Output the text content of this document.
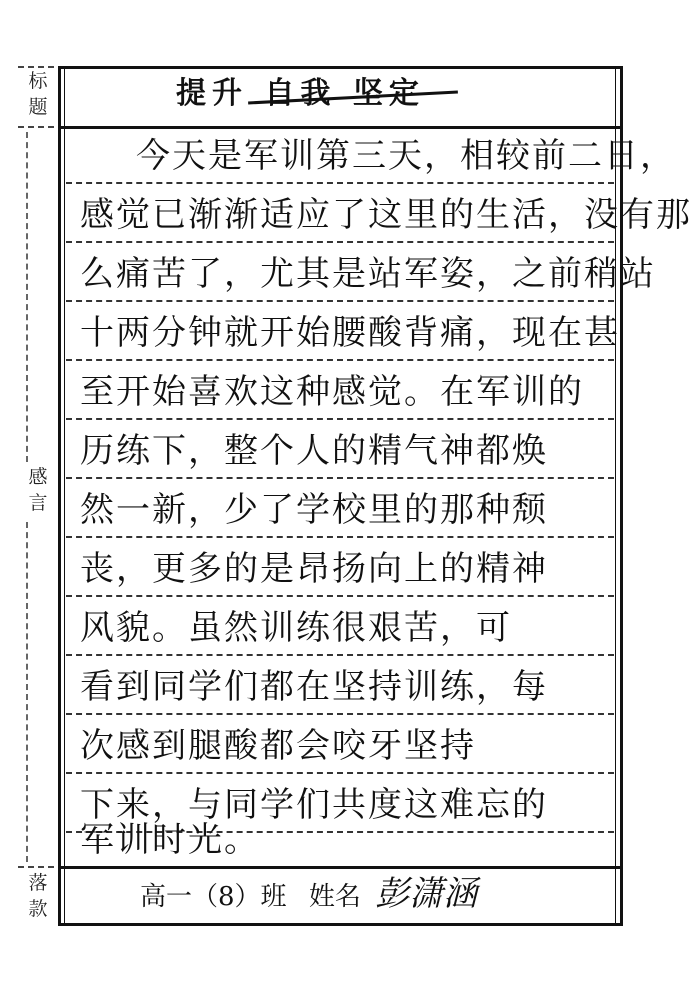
标
题
感
言
落
款
提升 自我 坚定
今天是军训第三天，相较前二日，
感觉已渐渐适应了这里的生活，没有那
么痛苦了，尤其是站军姿，之前稍站
十两分钟就开始腰酸背痛，现在甚
至开始喜欢这种感觉。在军训的
历练下，整个人的精气神都焕
然一新，少了学校里的那种颓
丧，更多的是昂扬向上的精神
风貌。虽然训练很艰苦，可
看到同学们都在坚持训练，每
次感到腿酸都会咬牙坚持
下来，与同学们共度这难忘的
军训时光。
高一（8）班 姓名 彭潇涵
